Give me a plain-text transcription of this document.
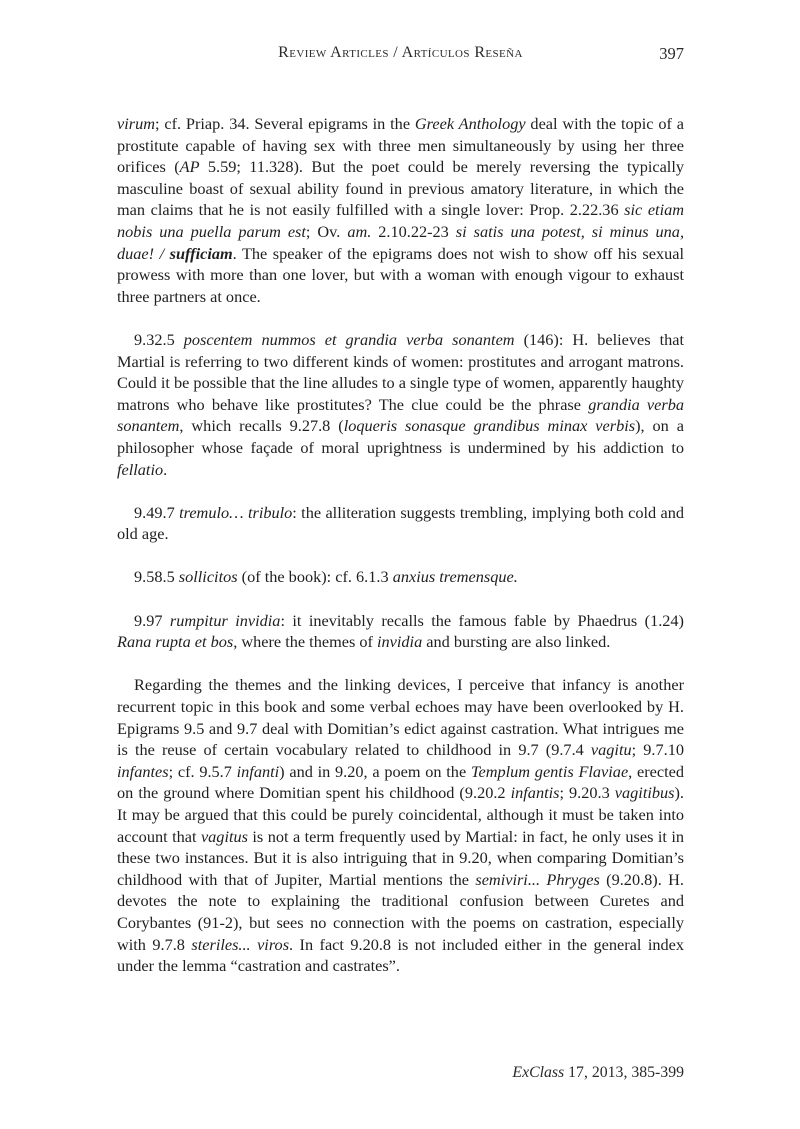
Review Articles / Artículos Reseña	397

virum; cf. Priap. 34. Several epigrams in the Greek Anthology deal with the topic of a prostitute capable of having sex with three men simultaneously by using her three orifices (AP 5.59; 11.328). But the poet could be merely reversing the typically masculine boast of sexual ability found in previous amatory literature, in which the man claims that he is not easily fulfilled with a single lover: Prop. 2.22.36 sic etiam nobis una puella parum est; Ov. am. 2.10.22-23 si satis una potest, si minus una, duae! / sufficiam. The speaker of the epigrams does not wish to show off his sexual prowess with more than one lover, but with a woman with enough vigour to exhaust three partners at once.

9.32.5 poscentem nummos et grandia verba sonantem (146): H. believes that Martial is referring to two different kinds of women: prostitutes and arrogant matrons. Could it be possible that the line alludes to a single type of women, apparently haughty matrons who behave like prostitutes? The clue could be the phrase grandia verba sonantem, which recalls 9.27.8 (loqueris sonasque grandibus minax verbis), on a philosopher whose façade of moral uprightness is undermined by his addiction to fellatio.

9.49.7 tremulo… tribulo: the alliteration suggests trembling, implying both cold and old age.

9.58.5 sollicitos (of the book): cf. 6.1.3 anxius tremensque.

9.97 rumpitur invidia: it inevitably recalls the famous fable by Phaedrus (1.24) Rana rupta et bos, where the themes of invidia and bursting are also linked.

Regarding the themes and the linking devices, I perceive that infancy is another recurrent topic in this book and some verbal echoes may have been overlooked by H. Epigrams 9.5 and 9.7 deal with Domitian’s edict against castration. What intrigues me is the reuse of certain vocabulary related to childhood in 9.7 (9.7.4 vagitu; 9.7.10 infantes; cf. 9.5.7 infanti) and in 9.20, a poem on the Templum gentis Flaviae, erected on the ground where Domitian spent his childhood (9.20.2 infantis; 9.20.3 vagitibus). It may be argued that this could be purely coincidental, although it must be taken into account that vagitus is not a term frequently used by Martial: in fact, he only uses it in these two instances. But it is also intriguing that in 9.20, when comparing Domitian’s childhood with that of Jupiter, Martial mentions the semiviri... Phryges (9.20.8). H. devotes the note to explaining the traditional confusion between Curetes and Corybantes (91-2), but sees no connection with the poems on castration, especially with 9.7.8 steriles... viros. In fact 9.20.8 is not included either in the general index under the lemma “castration and castrates”.

ExClass 17, 2013, 385-399
